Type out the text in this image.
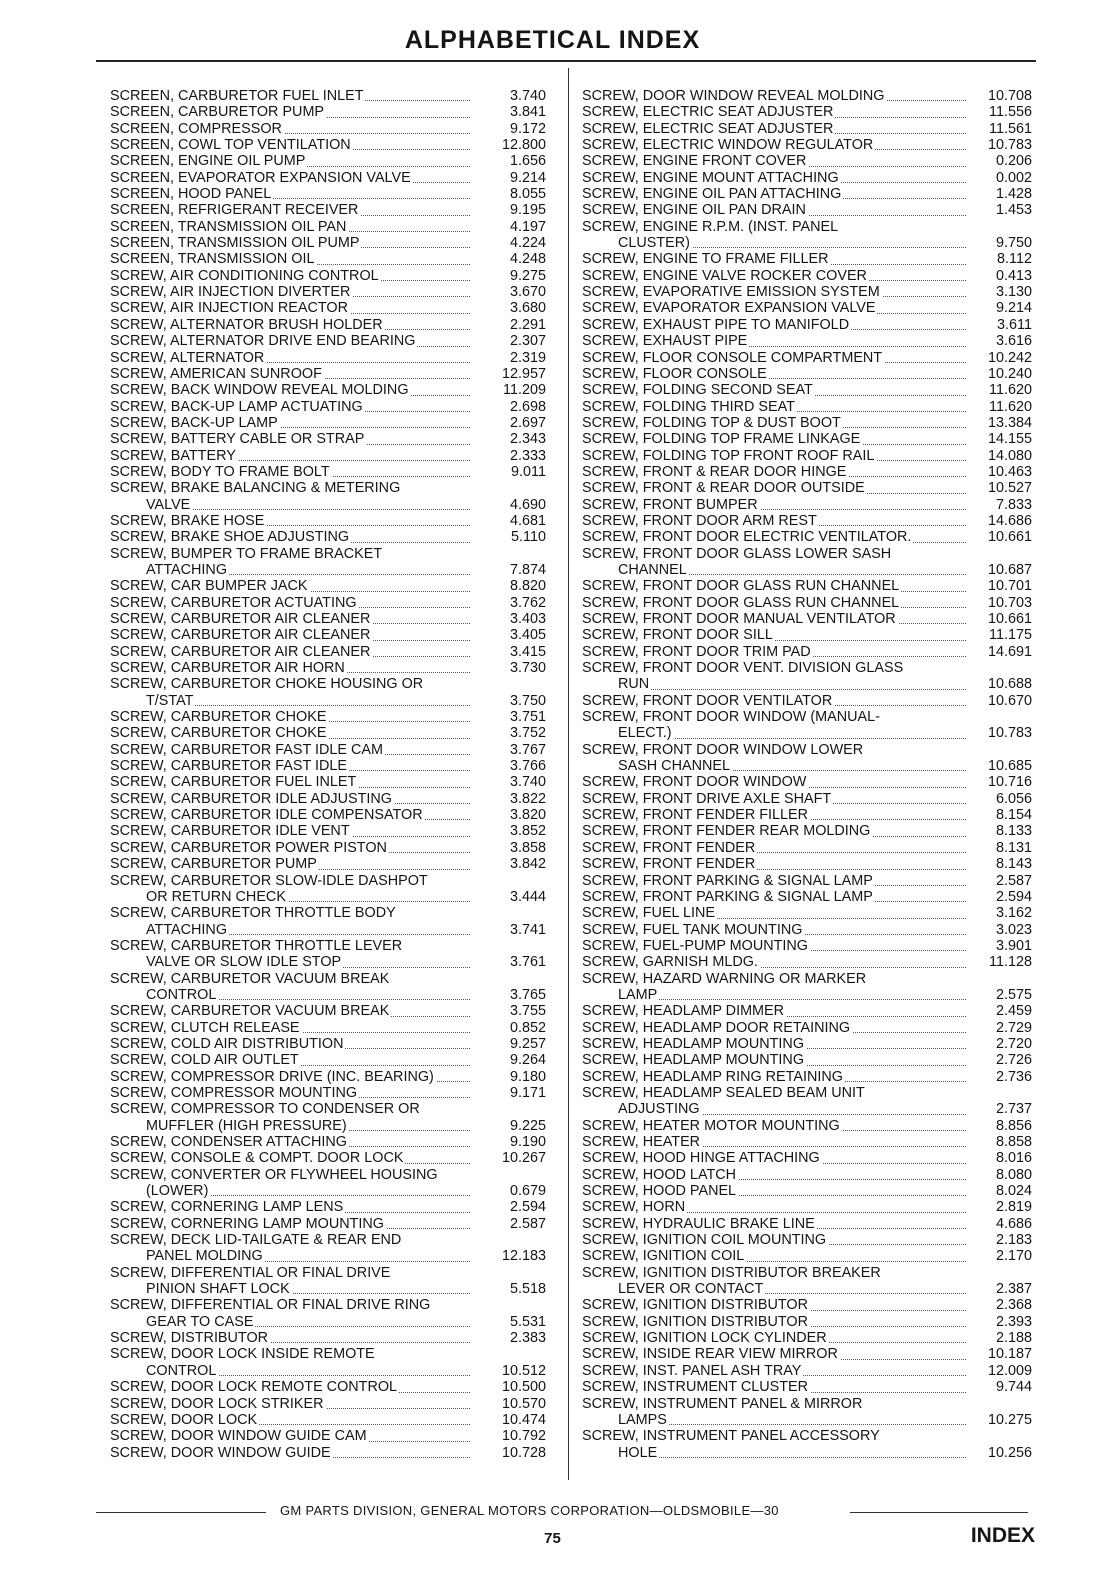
ALPHABETICAL INDEX
SCREEN, CARBURETOR FUEL INLET	3.740
SCREEN, CARBURETOR PUMP	3.841
SCREEN, COMPRESSOR	9.172
SCREEN, COWL TOP VENTILATION	12.800
SCREEN, ENGINE OIL PUMP	1.656
SCREEN, EVAPORATOR EXPANSION VALVE	9.214
SCREEN, HOOD PANEL	8.055
SCREEN, REFRIGERANT RECEIVER	9.195
SCREEN, TRANSMISSION OIL PAN	4.197
SCREEN, TRANSMISSION OIL PUMP	4.224
SCREEN, TRANSMISSION OIL	4.248
SCREW, AIR CONDITIONING CONTROL	9.275
SCREW, AIR INJECTION DIVERTER	3.670
SCREW, AIR INJECTION REACTOR	3.680
SCREW, ALTERNATOR BRUSH HOLDER	2.291
SCREW, ALTERNATOR DRIVE END BEARING	2.307
SCREW, ALTERNATOR	2.319
SCREW, AMERICAN SUNROOF	12.957
SCREW, BACK WINDOW REVEAL MOLDING	11.209
SCREW, BACK-UP LAMP ACTUATING	2.698
SCREW, BACK-UP LAMP	2.697
SCREW, BATTERY CABLE OR STRAP	2.343
SCREW, BATTERY	2.333
SCREW, BODY TO FRAME BOLT	9.011
SCREW, BRAKE BALANCING & METERING
VALVE	4.690
SCREW, BRAKE HOSE	4.681
SCREW, BRAKE SHOE ADJUSTING	5.110
SCREW, BUMPER TO FRAME BRACKET
ATTACHING	7.874
SCREW, CAR BUMPER JACK	8.820
SCREW, CARBURETOR ACTUATING	3.762
SCREW, CARBURETOR AIR CLEANER	3.403
SCREW, CARBURETOR AIR CLEANER	3.405
SCREW, CARBURETOR AIR CLEANER	3.415
SCREW, CARBURETOR AIR HORN	3.730
SCREW, CARBURETOR CHOKE HOUSING OR
T/STAT	3.750
SCREW, CARBURETOR CHOKE	3.751
SCREW, CARBURETOR CHOKE	3.752
SCREW, CARBURETOR FAST IDLE CAM	3.767
SCREW, CARBURETOR FAST IDLE	3.766
SCREW, CARBURETOR FUEL INLET	3.740
SCREW, CARBURETOR IDLE ADJUSTING	3.822
SCREW, CARBURETOR IDLE COMPENSATOR	3.820
SCREW, CARBURETOR IDLE VENT	3.852
SCREW, CARBURETOR POWER PISTON	3.858
SCREW, CARBURETOR PUMP	3.842
SCREW, CARBURETOR SLOW-IDLE DASHPOT
OR RETURN CHECK	3.444
SCREW, CARBURETOR THROTTLE BODY
ATTACHING	3.741
SCREW, CARBURETOR THROTTLE LEVER
VALVE OR SLOW IDLE STOP	3.761
SCREW, CARBURETOR VACUUM BREAK
CONTROL	3.765
SCREW, CARBURETOR VACUUM BREAK	3.755
SCREW, CLUTCH RELEASE	0.852
SCREW, COLD AIR DISTRIBUTION	9.257
SCREW, COLD AIR OUTLET	9.264
SCREW, COMPRESSOR DRIVE (INC. BEARING)	9.180
SCREW, COMPRESSOR MOUNTING	9.171
SCREW, COMPRESSOR TO CONDENSER OR
MUFFLER (HIGH PRESSURE)	9.225
SCREW, CONDENSER ATTACHING	9.190
SCREW, CONSOLE & COMPT. DOOR LOCK	10.267
SCREW, CONVERTER OR FLYWHEEL HOUSING
(LOWER)	0.679
SCREW, CORNERING LAMP LENS	2.594
SCREW, CORNERING LAMP MOUNTING	2.587
SCREW, DECK LID-TAILGATE & REAR END
PANEL MOLDING	12.183
SCREW, DIFFERENTIAL OR FINAL DRIVE
PINION SHAFT LOCK	5.518
SCREW, DIFFERENTIAL OR FINAL DRIVE RING
GEAR TO CASE	5.531
SCREW, DISTRIBUTOR	2.383
SCREW, DOOR LOCK INSIDE REMOTE
CONTROL	10.512
SCREW, DOOR LOCK REMOTE CONTROL	10.500
SCREW, DOOR LOCK STRIKER	10.570
SCREW, DOOR LOCK	10.474
SCREW, DOOR WINDOW GUIDE CAM	10.792
SCREW, DOOR WINDOW GUIDE	10.728
SCREW, DOOR WINDOW REVEAL MOLDING	10.708
SCREW, ELECTRIC SEAT ADJUSTER	11.556
SCREW, ELECTRIC SEAT ADJUSTER	11.561
SCREW, ELECTRIC WINDOW REGULATOR	10.783
SCREW, ENGINE FRONT COVER	0.206
SCREW, ENGINE MOUNT ATTACHING	0.002
SCREW, ENGINE OIL PAN ATTACHING	1.428
SCREW, ENGINE OIL PAN DRAIN	1.453
SCREW, ENGINE R.P.M. (INST. PANEL
CLUSTER)	9.750
SCREW, ENGINE TO FRAME FILLER	8.112
SCREW, ENGINE VALVE ROCKER COVER	0.413
SCREW, EVAPORATIVE EMISSION SYSTEM	3.130
SCREW, EVAPORATOR EXPANSION VALVE	9.214
SCREW, EXHAUST PIPE TO MANIFOLD	3.611
SCREW, EXHAUST PIPE	3.616
SCREW, FLOOR CONSOLE COMPARTMENT	10.242
SCREW, FLOOR CONSOLE	10.240
SCREW, FOLDING SECOND SEAT	11.620
SCREW, FOLDING THIRD SEAT	11.620
SCREW, FOLDING TOP & DUST BOOT	13.384
SCREW, FOLDING TOP FRAME LINKAGE	14.155
SCREW, FOLDING TOP FRONT ROOF RAIL	14.080
SCREW, FRONT & REAR DOOR HINGE	10.463
SCREW, FRONT & REAR DOOR OUTSIDE	10.527
SCREW, FRONT BUMPER	7.833
SCREW, FRONT DOOR ARM REST	14.686
SCREW, FRONT DOOR ELECTRIC VENTILATOR.	10.661
SCREW, FRONT DOOR GLASS LOWER SASH
CHANNEL	10.687
SCREW, FRONT DOOR GLASS RUN CHANNEL	10.701
SCREW, FRONT DOOR GLASS RUN CHANNEL	10.703
SCREW, FRONT DOOR MANUAL VENTILATOR	10.661
SCREW, FRONT DOOR SILL	11.175
SCREW, FRONT DOOR TRIM PAD	14.691
SCREW, FRONT DOOR VENT. DIVISION GLASS
RUN	10.688
SCREW, FRONT DOOR VENTILATOR	10.670
SCREW, FRONT DOOR WINDOW (MANUAL-
ELECT.)	10.783
SCREW, FRONT DOOR WINDOW LOWER
SASH CHANNEL	10.685
SCREW, FRONT DOOR WINDOW	10.716
SCREW, FRONT DRIVE AXLE SHAFT	6.056
SCREW, FRONT FENDER FILLER	8.154
SCREW, FRONT FENDER REAR MOLDING	8.133
SCREW, FRONT FENDER	8.131
SCREW, FRONT FENDER	8.143
SCREW, FRONT PARKING & SIGNAL LAMP	2.587
SCREW, FRONT PARKING & SIGNAL LAMP	2.594
SCREW, FUEL LINE	3.162
SCREW, FUEL TANK MOUNTING	3.023
SCREW, FUEL-PUMP MOUNTING	3.901
SCREW, GARNISH MLDG.	11.128
SCREW, HAZARD WARNING OR MARKER
LAMP	2.575
SCREW, HEADLAMP DIMMER	2.459
SCREW, HEADLAMP DOOR RETAINING	2.729
SCREW, HEADLAMP MOUNTING	2.720
SCREW, HEADLAMP MOUNTING	2.726
SCREW, HEADLAMP RING RETAINING	2.736
SCREW, HEADLAMP SEALED BEAM UNIT
ADJUSTING	2.737
SCREW, HEATER MOTOR MOUNTING	8.856
SCREW, HEATER	8.858
SCREW, HOOD HINGE ATTACHING	8.016
SCREW, HOOD LATCH	8.080
SCREW, HOOD PANEL	8.024
SCREW, HORN	2.819
SCREW, HYDRAULIC BRAKE LINE	4.686
SCREW, IGNITION COIL MOUNTING	2.183
SCREW, IGNITION COIL	2.170
SCREW, IGNITION DISTRIBUTOR BREAKER
LEVER OR CONTACT	2.387
SCREW, IGNITION DISTRIBUTOR	2.368
SCREW, IGNITION DISTRIBUTOR	2.393
SCREW, IGNITION LOCK CYLINDER	2.188
SCREW, INSIDE REAR VIEW MIRROR	10.187
SCREW, INST. PANEL ASH TRAY	12.009
SCREW, INSTRUMENT CLUSTER	9.744
SCREW, INSTRUMENT PANEL & MIRROR
LAMPS	10.275
SCREW, INSTRUMENT PANEL ACCESSORY
HOLE	10.256
GM PARTS DIVISION, GENERAL MOTORS CORPORATION—OLDSMOBILE—30
75	INDEX
